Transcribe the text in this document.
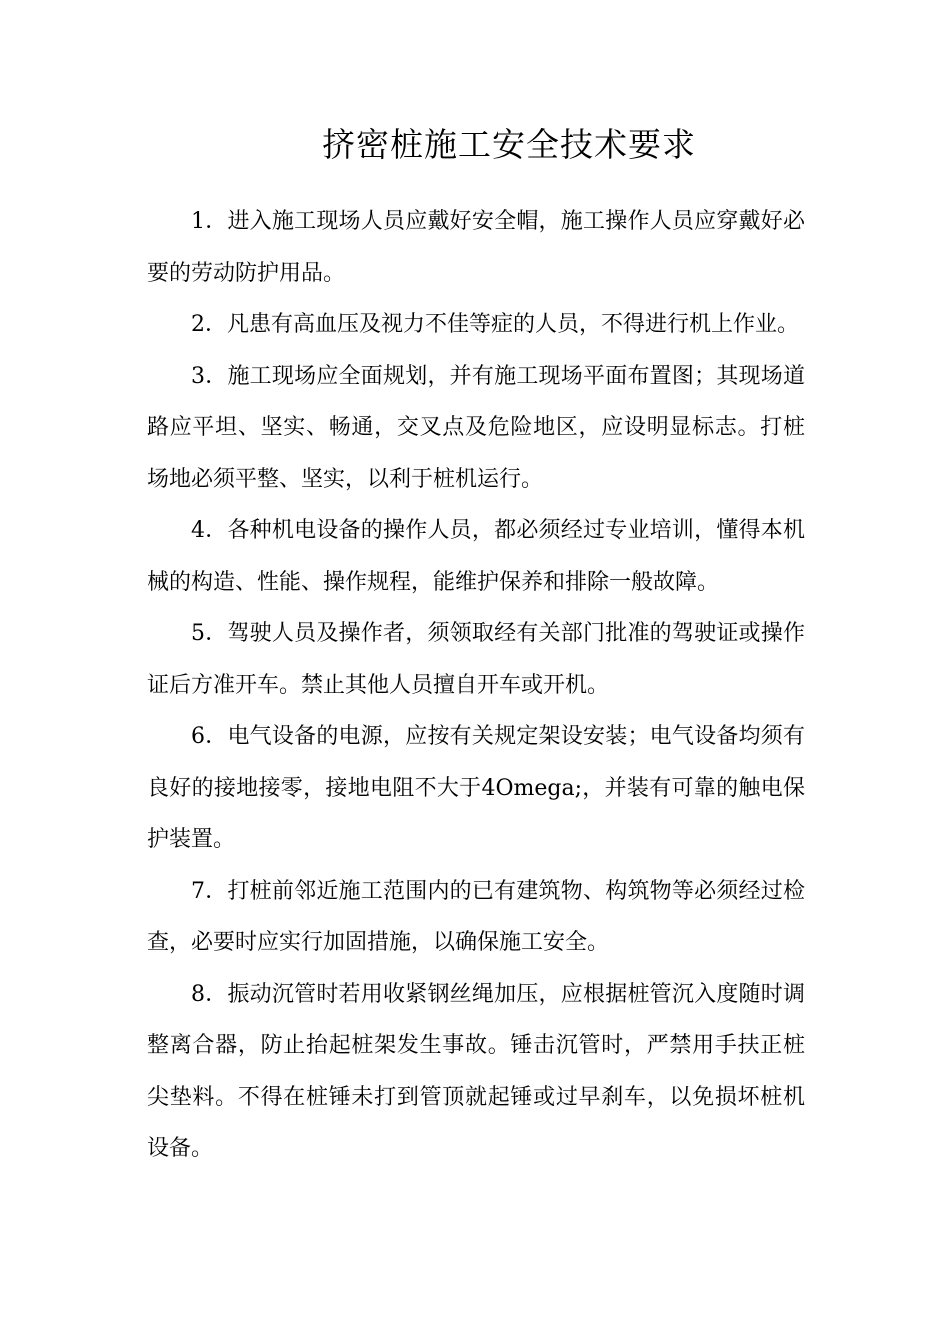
挤密桩施工安全技术要求

1．进入施工现场人员应戴好安全帽，施工操作人员应穿戴好必要的劳动防护用品。

2．凡患有高血压及视力不佳等症的人员，不得进行机上作业。

3．施工现场应全面规划，并有施工现场平面布置图；其现场道路应平坦、坚实、畅通，交叉点及危险地区，应设明显标志。打桩场地必须平整、坚实，以利于桩机运行。

4．各种机电设备的操作人员，都必须经过专业培训，懂得本机械的构造、性能、操作规程，能维护保养和排除一般故障。

5．驾驶人员及操作者，须领取经有关部门批准的驾驶证或操作证后方准开车。禁止其他人员擅自开车或开机。

6．电气设备的电源，应按有关规定架设安装；电气设备均须有良好的接地接零，接地电阻不大于4Omega;，并装有可靠的触电保护装置。

7．打桩前邻近施工范围内的已有建筑物、构筑物等必须经过检查，必要时应实行加固措施，以确保施工安全。

8．振动沉管时若用收紧钢丝绳加压，应根据桩管沉入度随时调整离合器，防止抬起桩架发生事故。锤击沉管时，严禁用手扶正桩尖垫料。不得在桩锤未打到管顶就起锤或过早刹车，以免损坏桩机设备。
